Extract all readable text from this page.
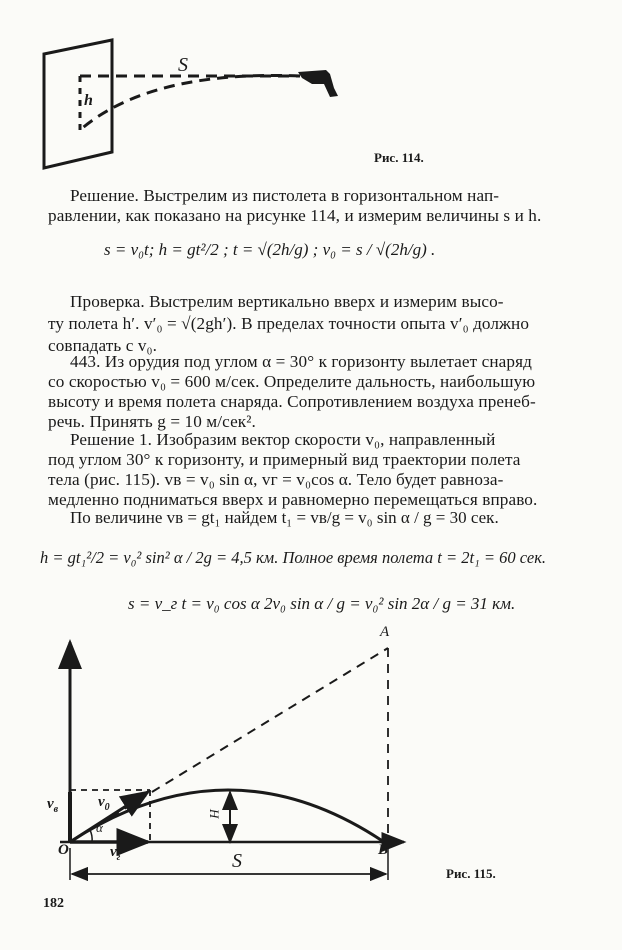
S
h
Рис. 114.
Решение. Выстрелим из пистолета в горизонтальном нап-
равлении, как показано на рисунке 114, и измерим величины s и h.
s = v₀t; h = gt²/2 ; t = √(2h/g) ; v₀ = s / √(2h/g) .
Проверка. Выстрелим вертикально вверх и измерим высо-
ту полета h′. v′₀ = √(2gh′). В пределах точности опыта v′₀ должно
совпадать с v₀.
443. Из орудия под углом α = 30° к горизонту вылетает снаряд
со скоростью v₀ = 600 м/сек. Определите дальность, наибольшую
высоту и время полета снаряда. Сопротивлением воздуха пренеб-
речь. Принять g = 10 м/сек².
Решение 1. Изобразим вектор скорости v₀, направленный
под углом 30° к горизонту, и примерный вид траектории полета
тела (рис. 115). vв = v₀ sin α, vг = v₀cos α. Тело будет равноза-
медленно подниматься вверх и равномерно перемещаться вправо.
По величине vв = gt₁ найдем t₁ = vв/g = v₀ sin α / g = 30 сек.
h = gt₁²/2 = v₀² sin² α / 2g = 4,5 км. Полное время полета t = 2t₁ = 60 сек.
s = v_г t = v₀ cos α 2v₀ sin α / g = v₀² sin 2α / g = 31 км.
A
B
O
$v_в$	$v_0$
$v_г$
α
H
S
Рис. 115.
182
